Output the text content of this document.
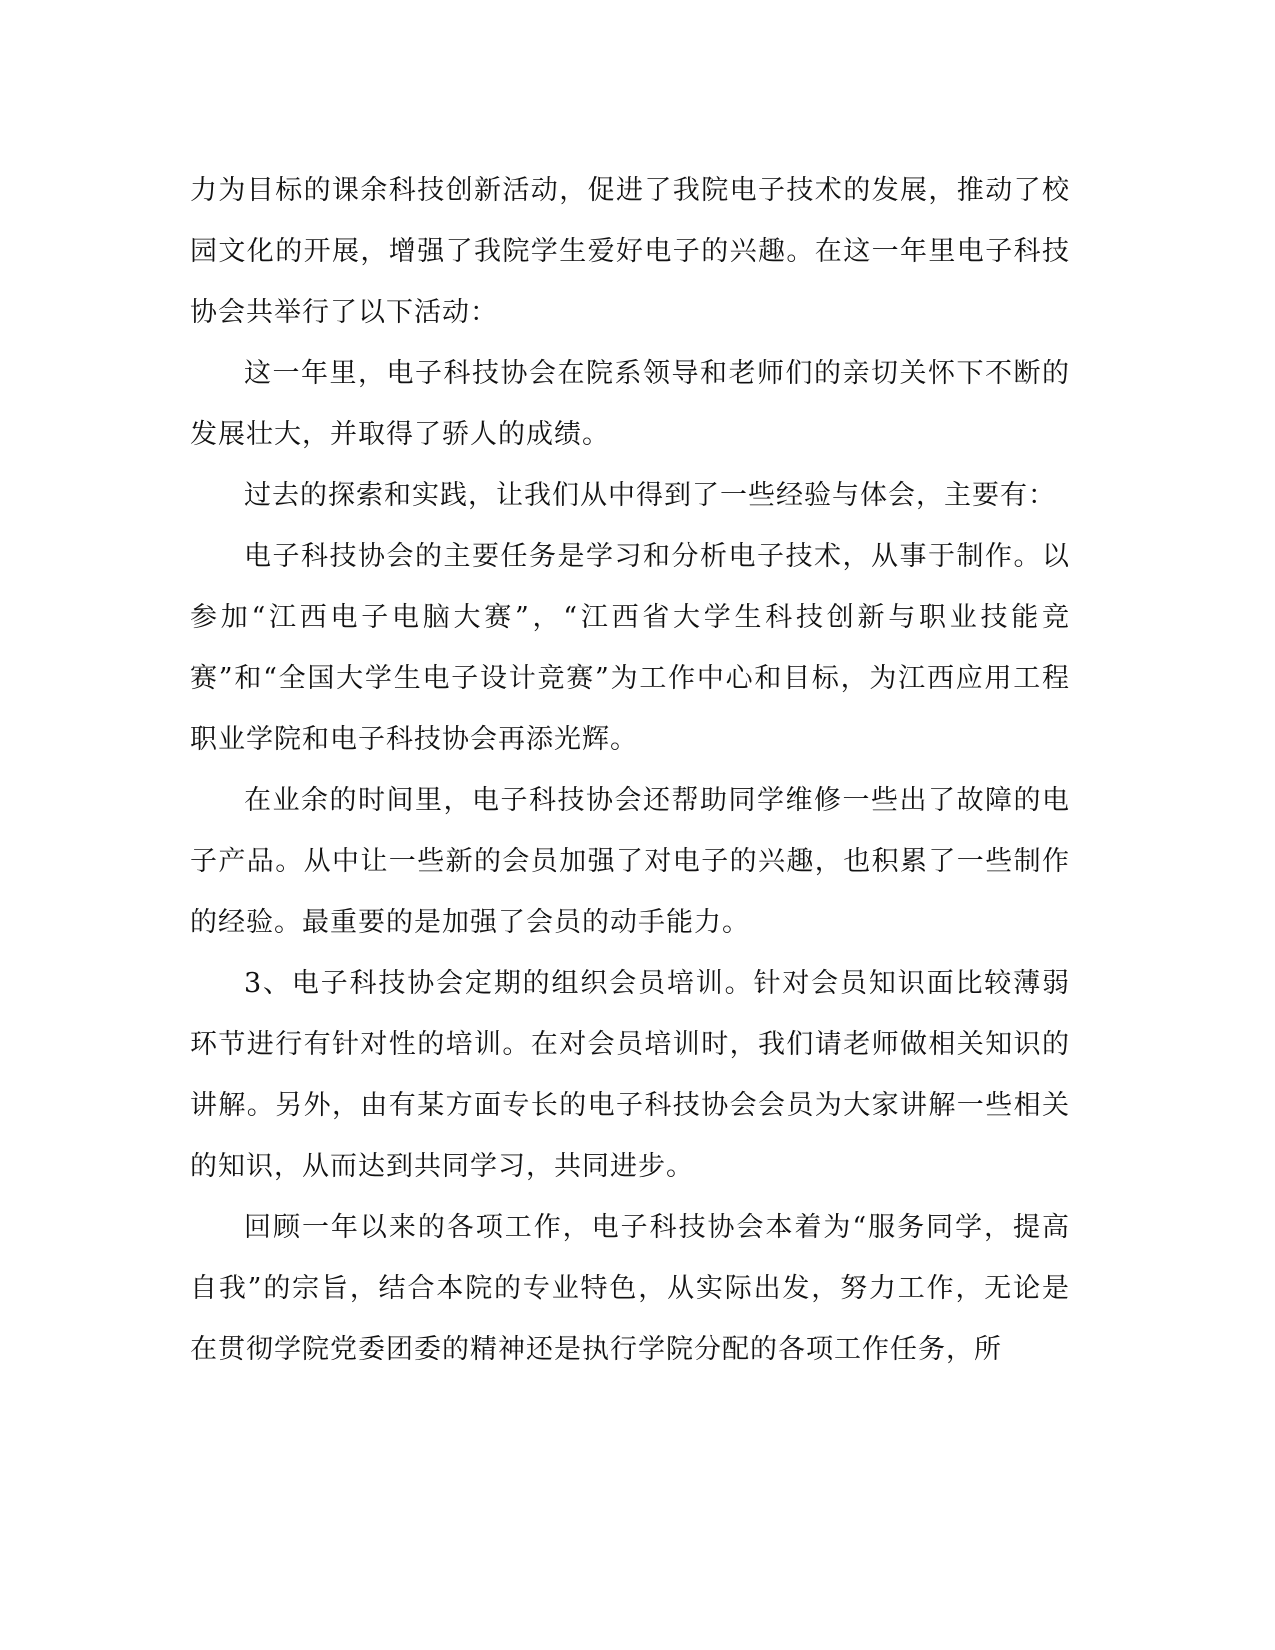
力为目标的课余科技创新活动，促进了我院电子技术的发展，推动了校园文化的开展，增强了我院学生爱好电子的兴趣。在这一年里电子科技协会共举行了以下活动：

这一年里，电子科技协会在院系领导和老师们的亲切关怀下不断的发展壮大，并取得了骄人的成绩。

过去的探索和实践，让我们从中得到了一些经验与体会，主要有：

电子科技协会的主要任务是学习和分析电子技术，从事于制作。以参加“江西电子电脑大赛”，“江西省大学生科技创新与职业技能竞赛”和“全国大学生电子设计竞赛”为工作中心和目标，为江西应用工程职业学院和电子科技协会再添光辉。

在业余的时间里，电子科技协会还帮助同学维修一些出了故障的电子产品。从中让一些新的会员加强了对电子的兴趣，也积累了一些制作的经验。最重要的是加强了会员的动手能力。

3、电子科技协会定期的组织会员培训。针对会员知识面比较薄弱环节进行有针对性的培训。在对会员培训时，我们请老师做相关知识的讲解。另外，由有某方面专长的电子科技协会会员为大家讲解一些相关的知识，从而达到共同学习，共同进步。

回顾一年以来的各项工作，电子科技协会本着为“服务同学，提高自我”的宗旨，结合本院的专业特色，从实际出发，努力工作，无论是在贯彻学院党委团委的精神还是执行学院分配的各项工作任务，所
